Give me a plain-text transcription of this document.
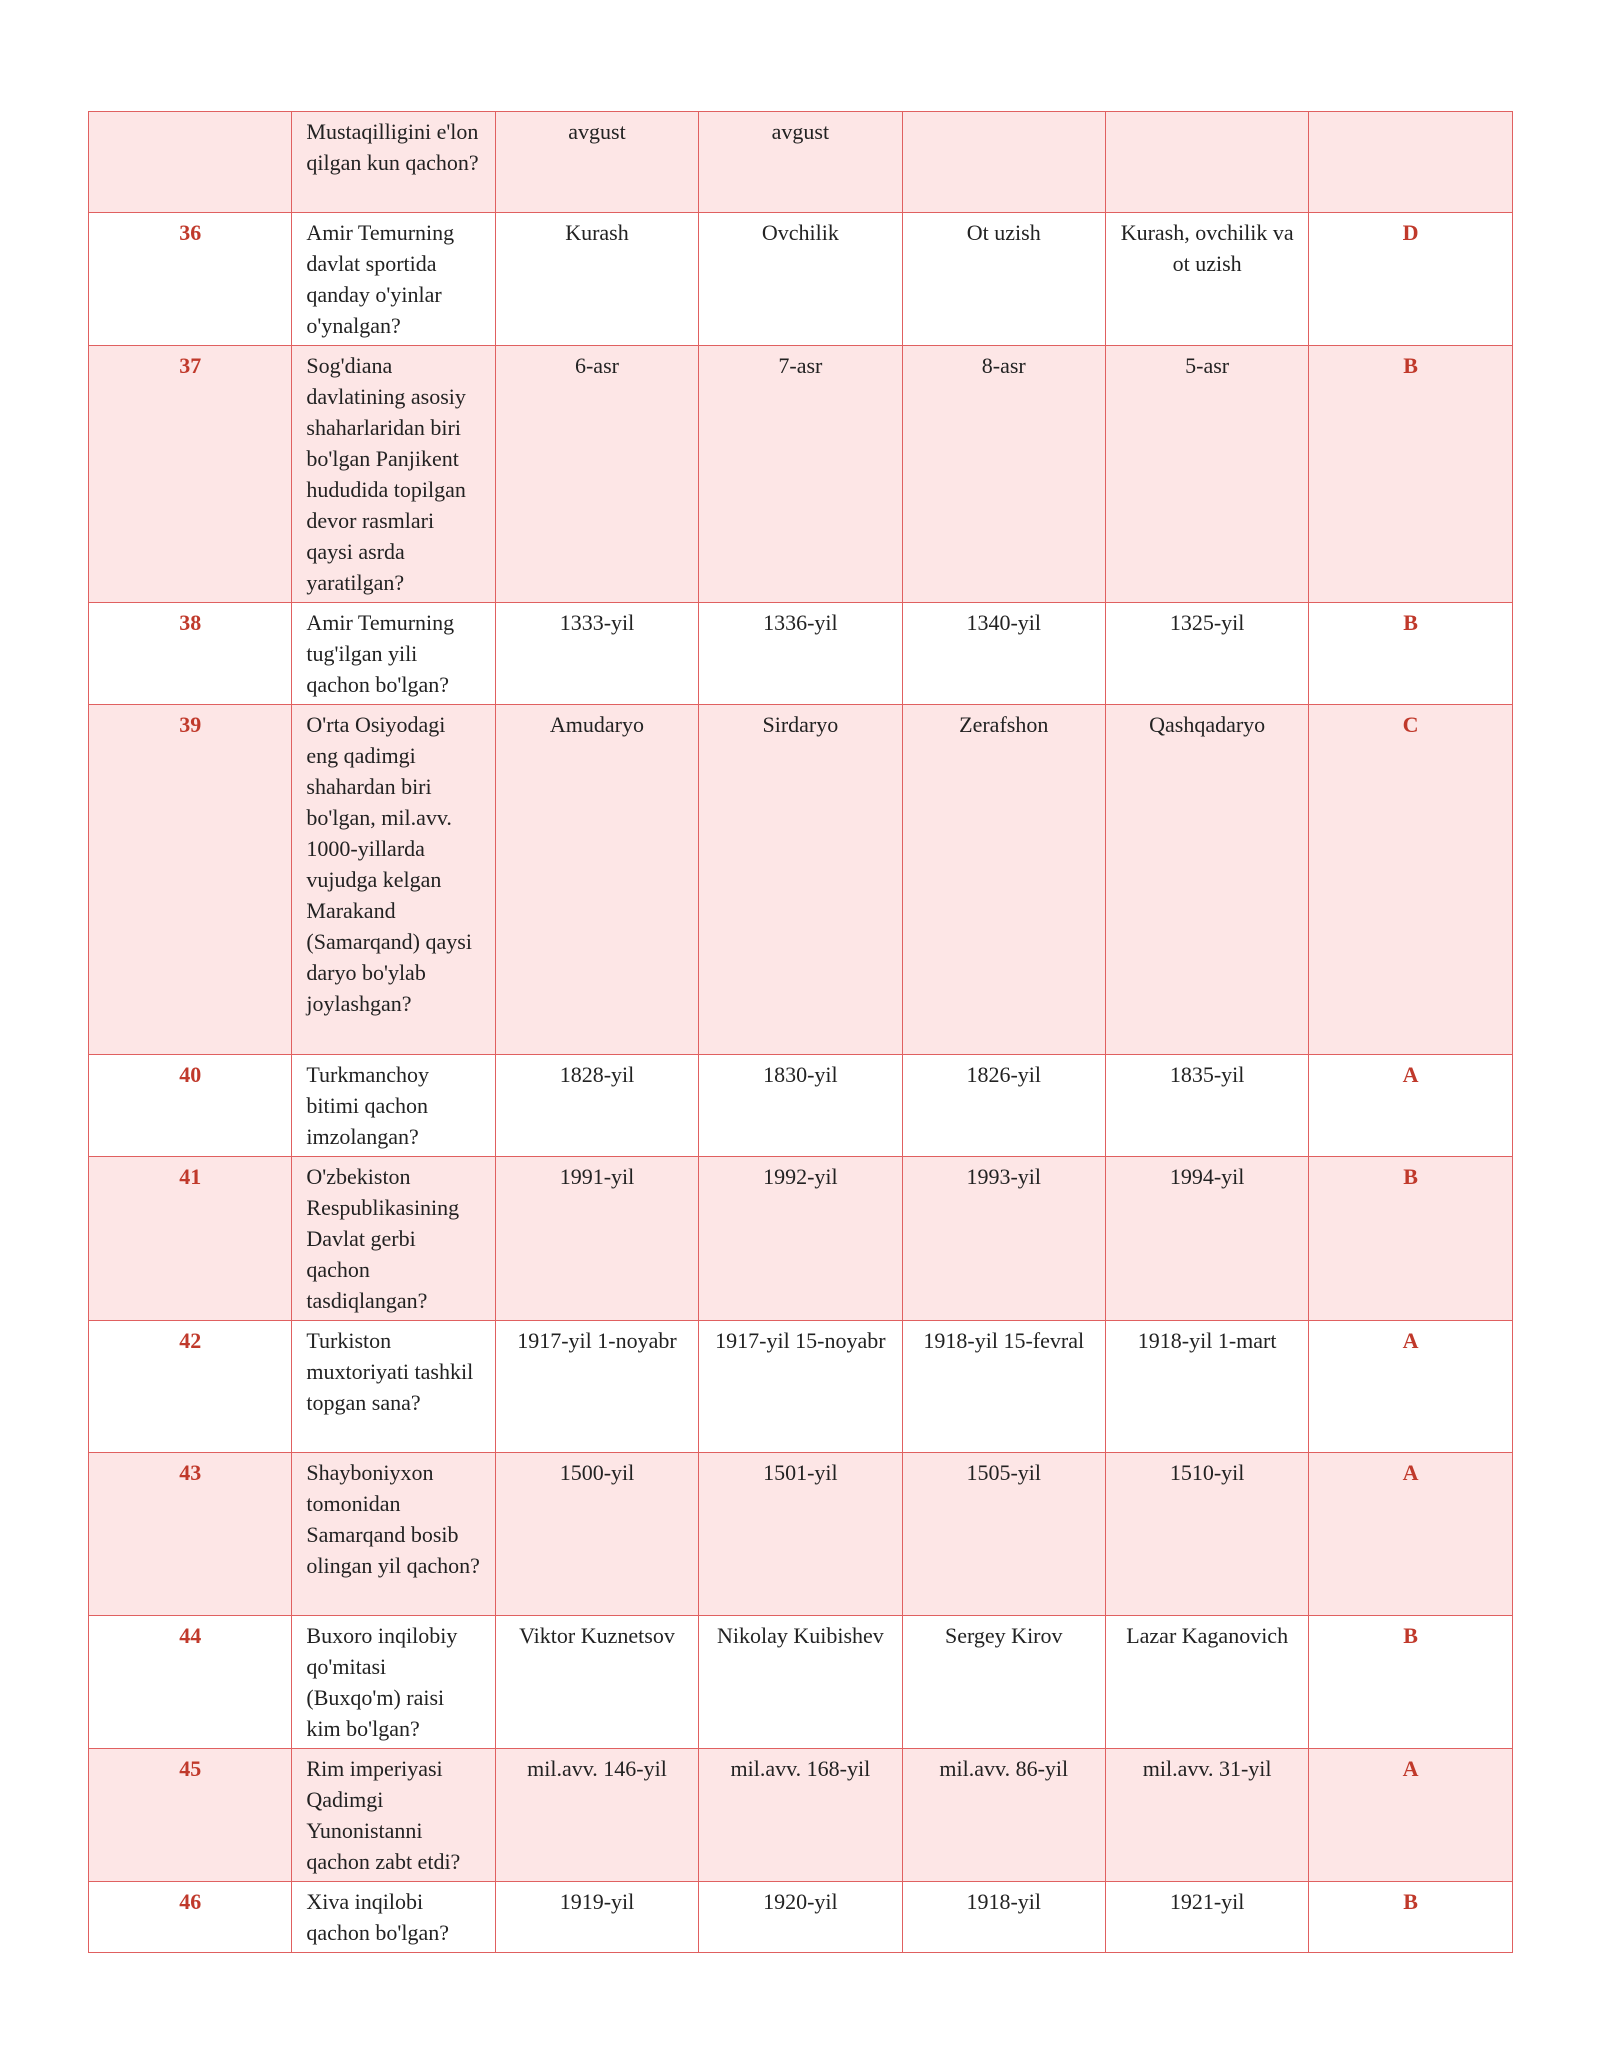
	Mustaqilligini e'lon qilgan kun qachon?	avgust	avgust			
36	Amir Temurning davlat sportida qanday o'yinlar o'ynalgan?	Kurash	Ovchilik	Ot uzish	Kurash, ovchilik va ot uzish	D
37	Sog'diana davlatining asosiy shaharlaridan biri bo'lgan Panjikent hududida topilgan devor rasmlari qaysi asrda yaratilgan?	6-asr	7-asr	8-asr	5-asr	B
38	Amir Temurning tug'ilgan yili qachon bo'lgan?	1333-yil	1336-yil	1340-yil	1325-yil	B
39	O'rta Osiyodagi eng qadimgi shahardan biri bo'lgan, mil.avv. 1000-yillarda vujudga kelgan Marakand (Samarqand) qaysi daryo bo'ylab joylashgan?	Amudaryo	Sirdaryo	Zerafshon	Qashqadaryo	C
40	Turkmanchoy bitimi qachon imzolangan?	1828-yil	1830-yil	1826-yil	1835-yil	A
41	O'zbekiston Respublikasining Davlat gerbi qachon tasdiqlangan?	1991-yil	1992-yil	1993-yil	1994-yil	B
42	Turkiston muxtoriyati tashkil topgan sana?	1917-yil 1-noyabr	1917-yil 15-noyabr	1918-yil 15-fevral	1918-yil 1-mart	A
43	Shayboniyxon tomonidan Samarqand bosib olingan yil qachon?	1500-yil	1501-yil	1505-yil	1510-yil	A
44	Buxoro inqilobiy qo'mitasi (Buxqo'm) raisi kim bo'lgan?	Viktor Kuznetsov	Nikolay Kuibishev	Sergey Kirov	Lazar Kaganovich	B
45	Rim imperiyasi Qadimgi Yunonistanni qachon zabt etdi?	mil.avv. 146-yil	mil.avv. 168-yil	mil.avv. 86-yil	mil.avv. 31-yil	A
46	Xiva inqilobi qachon bo'lgan?	1919-yil	1920-yil	1918-yil	1921-yil	B
